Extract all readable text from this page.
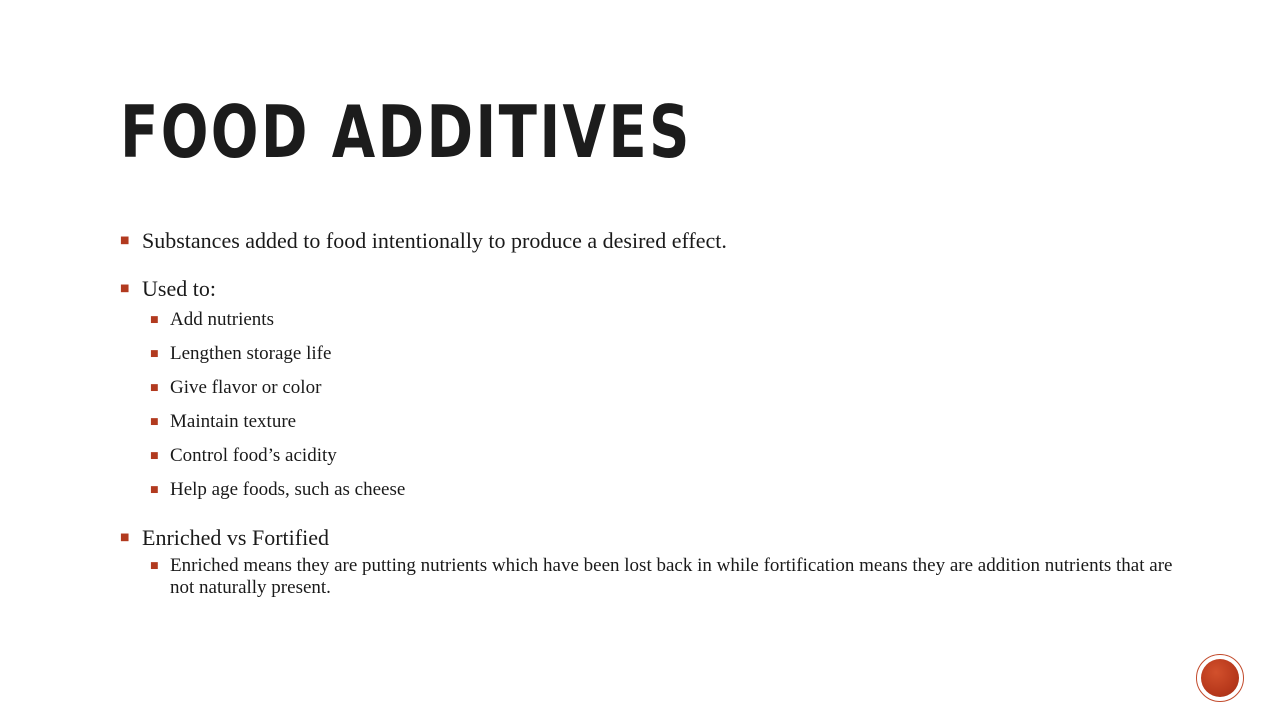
FOOD ADDITIVES
■ Substances added to food intentionally to produce a desired effect.
■ Used to:
■ Add nutrients
■ Lengthen storage life
■ Give flavor or color
■ Maintain texture
■ Control food’s acidity
■ Help age foods, such as cheese
■ Enriched vs Fortified
■ Enriched means they are putting nutrients which have been lost back in while fortification means they are addition nutrients that are not naturally present.
